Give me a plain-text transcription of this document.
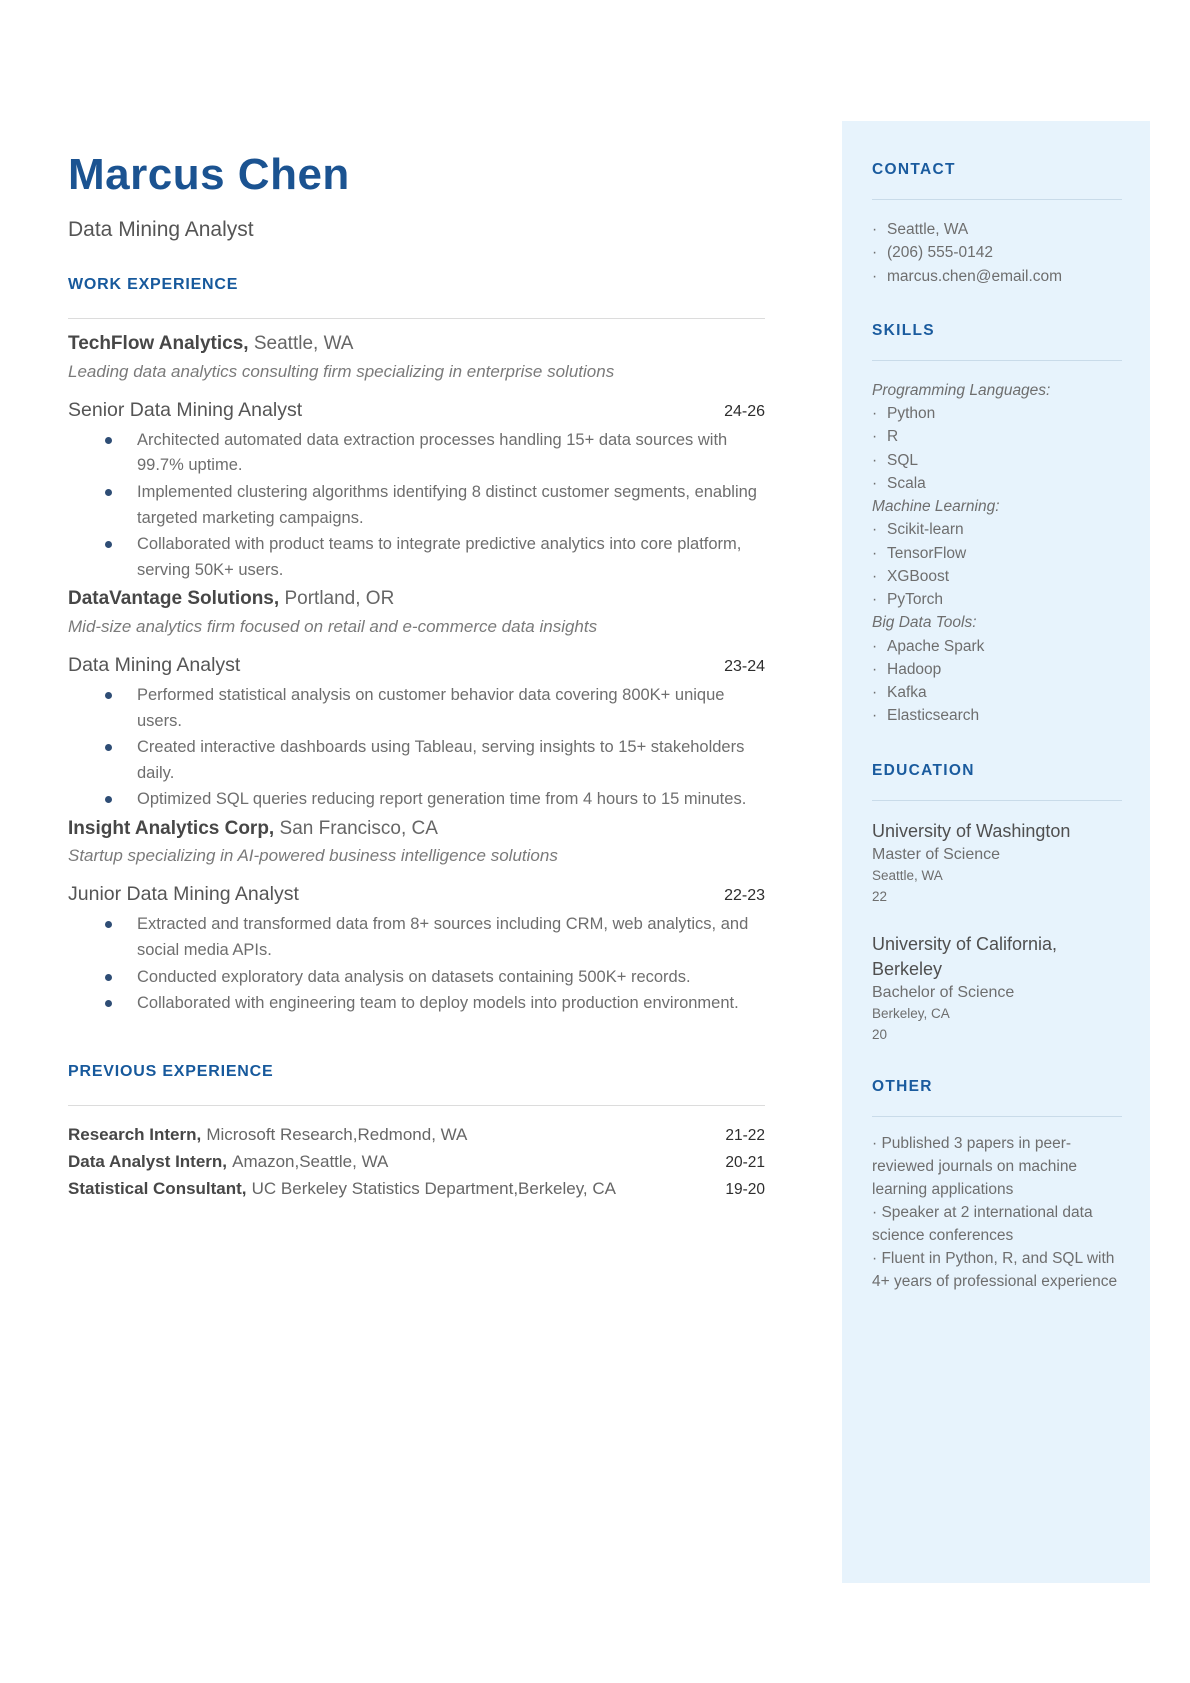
Marcus Chen
Data Mining Analyst
WORK EXPERIENCE
TechFlow Analytics, Seattle, WA
Leading data analytics consulting firm specializing in enterprise solutions
Senior Data Mining Analyst	24-26
Architected automated data extraction processes handling 15+ data sources with 99.7% uptime.
Implemented clustering algorithms identifying 8 distinct customer segments, enabling targeted marketing campaigns.
Collaborated with product teams to integrate predictive analytics into core platform, serving 50K+ users.
DataVantage Solutions, Portland, OR
Mid-size analytics firm focused on retail and e-commerce data insights
Data Mining Analyst	23-24
Performed statistical analysis on customer behavior data covering 800K+ unique users.
Created interactive dashboards using Tableau, serving insights to 15+ stakeholders daily.
Optimized SQL queries reducing report generation time from 4 hours to 15 minutes.
Insight Analytics Corp, San Francisco, CA
Startup specializing in AI-powered business intelligence solutions
Junior Data Mining Analyst	22-23
Extracted and transformed data from 8+ sources including CRM, web analytics, and social media APIs.
Conducted exploratory data analysis on datasets containing 500K+ records.
Collaborated with engineering team to deploy models into production environment.
PREVIOUS EXPERIENCE
Research Intern, Microsoft Research,Redmond, WA	21-22
Data Analyst Intern, Amazon,Seattle, WA	20-21
Statistical Consultant, UC Berkeley Statistics Department,Berkeley, CA	19-20
CONTACT
· Seattle, WA
· (206) 555-0142
· marcus.chen@email.com
SKILLS
Programming Languages:
· Python
· R
· SQL
· Scala
Machine Learning:
· Scikit-learn
· TensorFlow
· XGBoost
· PyTorch
Big Data Tools:
· Apache Spark
· Hadoop
· Kafka
· Elasticsearch
EDUCATION
University of Washington
Master of Science
Seattle, WA
22
University of California, Berkeley
Bachelor of Science
Berkeley, CA
20
OTHER
· Published 3 papers in peer-reviewed journals on machine learning applications
· Speaker at 2 international data science conferences
· Fluent in Python, R, and SQL with 4+ years of professional experience
